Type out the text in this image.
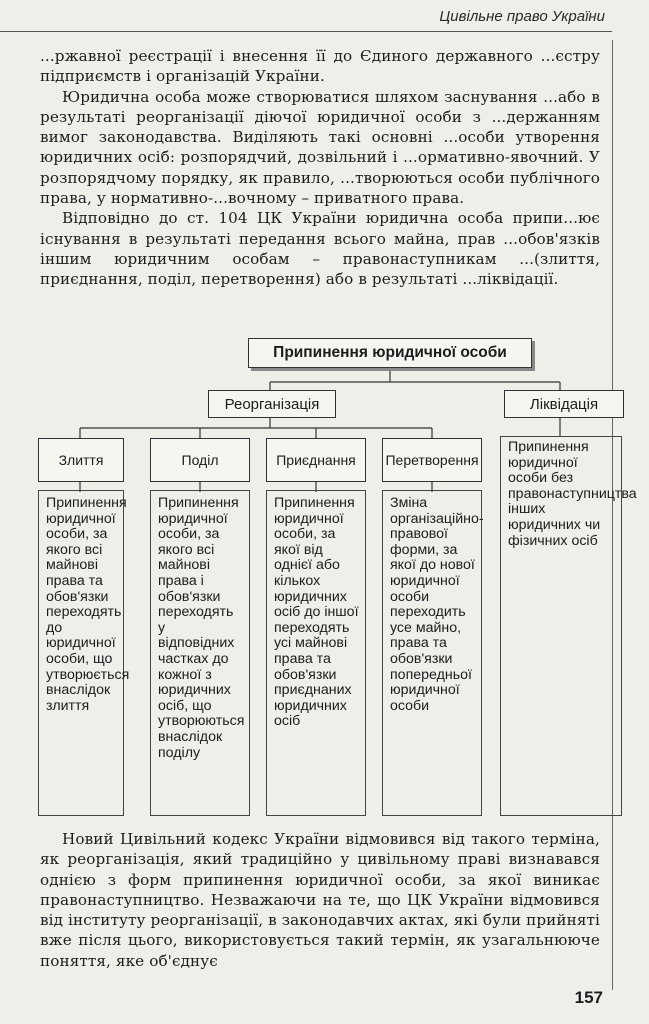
Цивільне право України

...ржавної реєстрації і внесення її до Єдиного державного ...єстру підприємств і організацій України.

Юридична особа може створюватися шляхом заснування ...або в результаті реорганізації діючої юридичної особи з ...держанням вимог законодавства. Виділяють такі основні ...особи утворення юридичних осіб: розпорядчий, дозвільний і ...ормативно-явочний. У розпорядчому порядку, як правило, ...творюються особи публічного права, у нормативно-...вочному – приватного права.

Відповідно до ст. 104 ЦК України юридична особа припи...ює існування в результаті передання всього майна, прав ...обов'язків іншим юридичним особам – правонаступникам ...(злиття, приєднання, поділ, перетворення) або в результаті ...ліквідації.

Припинення юридичної особи
Реорганізація	Ліквідація
Злиття	Поділ	Приєднання	Перетворення
Припинення юридичної особи, за якого всі майнові права та обов'язки переходять до юридичної особи, що утворюється внаслідок злиття
Припинення юридичної особи, за якого всі майнові права і обов'язки переходять у відповідних частках до кожної з юридичних осіб, що утворюються внаслідок поділу
Припинення юридичної особи, за якої від однієї або кількох юридичних осіб до іншої переходять усі майнові права та обов'язки приєднаних юридичних осіб
Зміна організаційно-правової форми, за якої до нової юридичної особи переходить усе майно, права та обов'язки попередньої юридичної особи
Припинення юридичної особи без правонаступництва інших юридичних чи фізичних осіб

Новий Цивільний кодекс України відмовився від такого терміна, як реорганізація, який традиційно у цивільному праві визнавався однією з форм припинення юридичної особи, за якої виникає правонаступництво. Незважаючи на те, що ЦК України відмовився від інституту реорганізації, в законодавчих актах, які були прийняті вже після цього, використовується такий термін, як узагальнююче поняття, яке об'єднує

157
